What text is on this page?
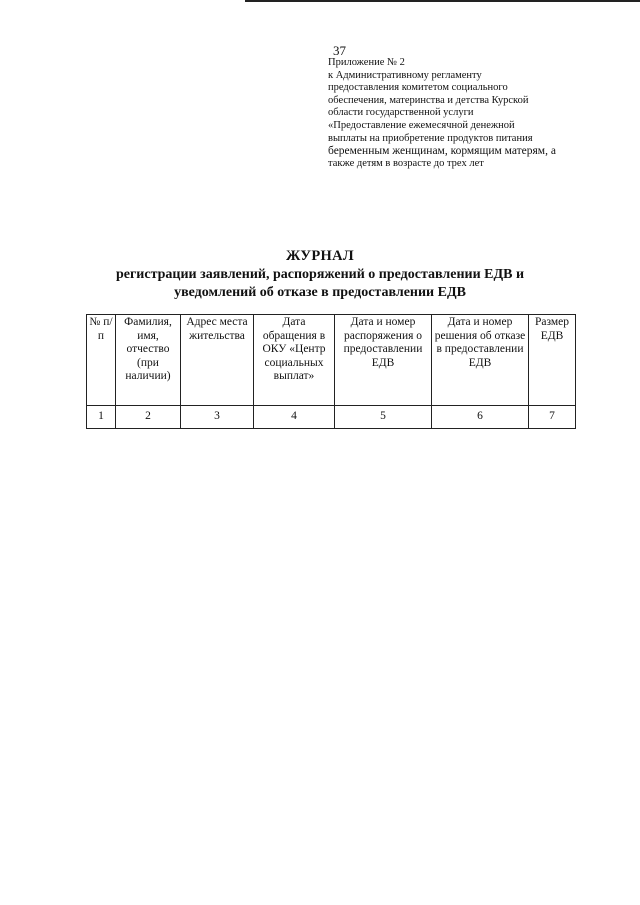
37
Приложение № 2
к Административному регламенту
предоставления комитетом социального
обеспечения, материнства и детства Курской
области государственной услуги
«Предоставление ежемесячной денежной
выплаты на приобретение продуктов питания
беременным женщинам, кормящим матерям, а
также детям в возрасте до трех лет
ЖУРНАЛ
регистрации заявлений, распоряжений о предоставлении ЕДВ и
уведомлений об отказе в предоставлении ЕДВ
№ п/п	Фамилия, имя, отчество (при наличии)	Адрес места жительства	Дата обращения в ОКУ «Центр социальных выплат»	Дата и номер распоряжения о предоставлении ЕДВ	Дата и номер решения об отказе в предоставлении ЕДВ	Размер ЕДВ
1	2	3	4	5	6	7
